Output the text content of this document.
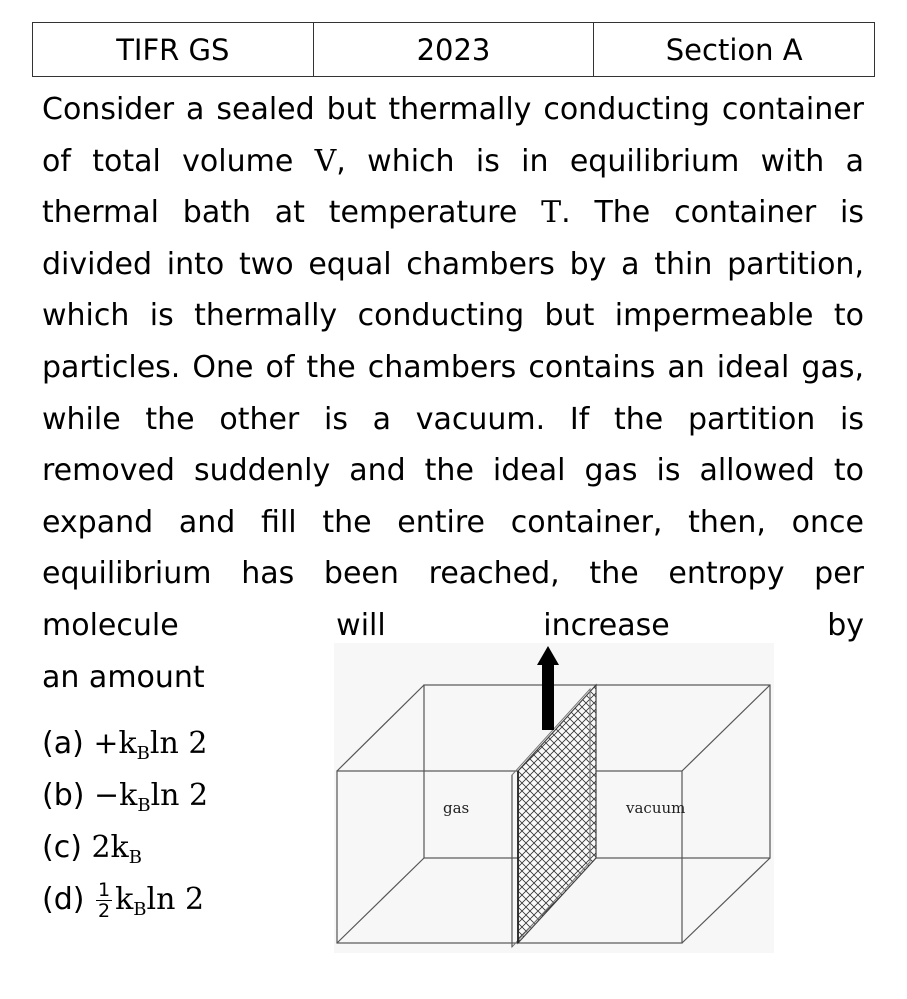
TIFR GS	2023	Section A
Consider a sealed but thermally conducting container of total volume V, which is in equilibrium with a thermal bath at temperature T. The container is divided into two equal chambers by a thin partition, which is thermally conducting but impermeable to particles. One of the chambers contains an ideal gas, while the other is a vacuum. If the partition is removed suddenly and the ideal gas is allowed to expand and fill the entire container, then, once equilibrium has been reached, the entropy per molecule will increase by
an amount
$(a) +k_B\ln$ 2
$(b) -k_B\ln$ 2
(c) $2k_B$
$(d) \frac{1}{2} k_B\ln$ 2
gas	vacuum
